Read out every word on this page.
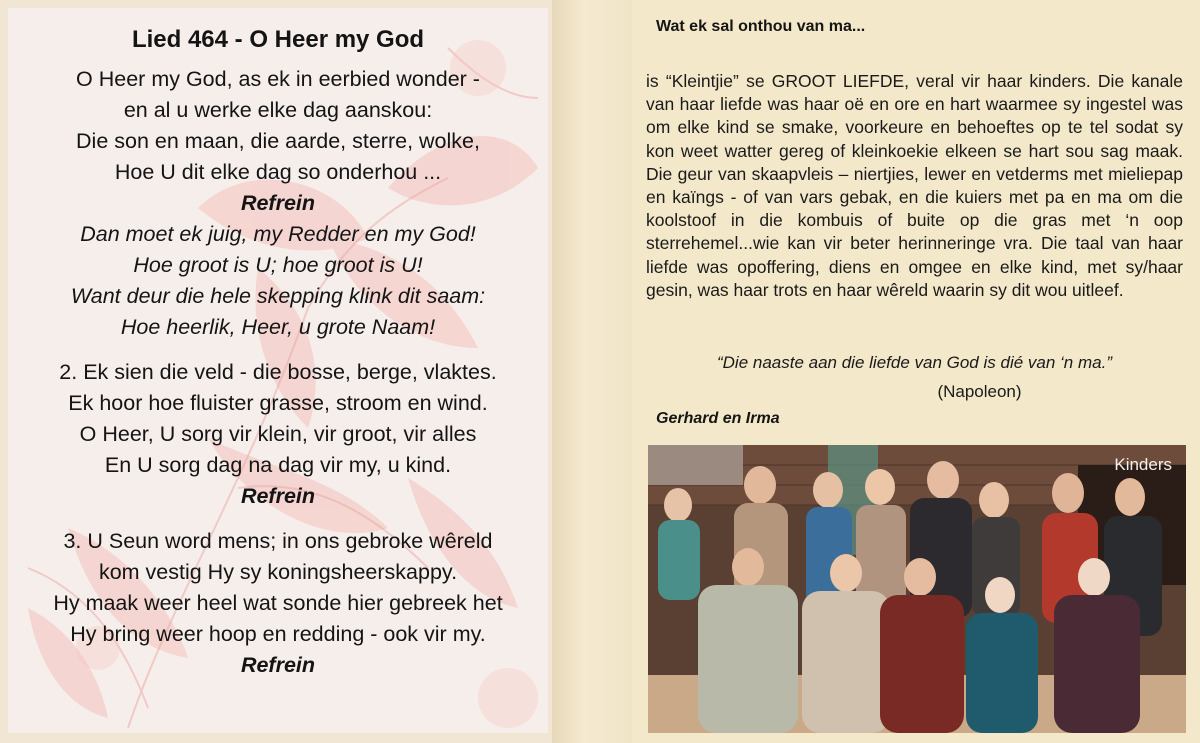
Lied 464 - O Heer my God
O Heer my God, as ek in eerbied wonder -
en al u werke elke dag aanskou:
Die son en maan, die aarde, sterre, wolke,
Hoe U dit elke dag so onderhou ...
Refrein
Dan moet ek juig, my Redder en my God!
Hoe groot is U; hoe groot is U!
Want deur die hele skepping klink dit saam:
Hoe heerlik, Heer, u grote Naam!
2. Ek sien die veld - die bosse, berge, vlaktes.
Ek hoor hoe fluister grasse, stroom en wind.
O Heer, U sorg vir klein, vir groot, vir alles
En U sorg dag na dag vir my, u kind.
Refrein
3. U Seun word mens; in ons gebroke wêreld
kom vestig Hy sy koningsheerskappy.
Hy maak weer heel wat sonde hier gebreek het
Hy bring weer hoop en redding - ook vir my.
Refrein
Wat ek sal onthou van ma...
is “Kleintjie” se GROOT LIEFDE, veral vir haar kinders. Die kanale van haar liefde was haar oë en ore en hart waarmee sy ingestel was om elke kind se smake, voorkeure en behoeftes op te tel sodat sy kon weet watter gereg of kleinkoekie elkeen se hart sou sag maak. Die geur van skaapvleis – niertjies, lewer en vetderms met mieliepap en kaïngs - of van vars gebak, en die kuiers met pa en ma om die koolstoof in die kombuis of buite op die gras met ‘n oop sterrehemel...wie kan vir beter herinneringe vra. Die taal van haar liefde was opoffering, diens en omgee en elke kind, met sy/haar gesin, was haar trots en haar wêreld waarin sy dit wou uitleef.
“Die naaste aan die liefde van God is dié van ‘n ma.”
(Napoleon)
Gerhard en Irma
Kinders
